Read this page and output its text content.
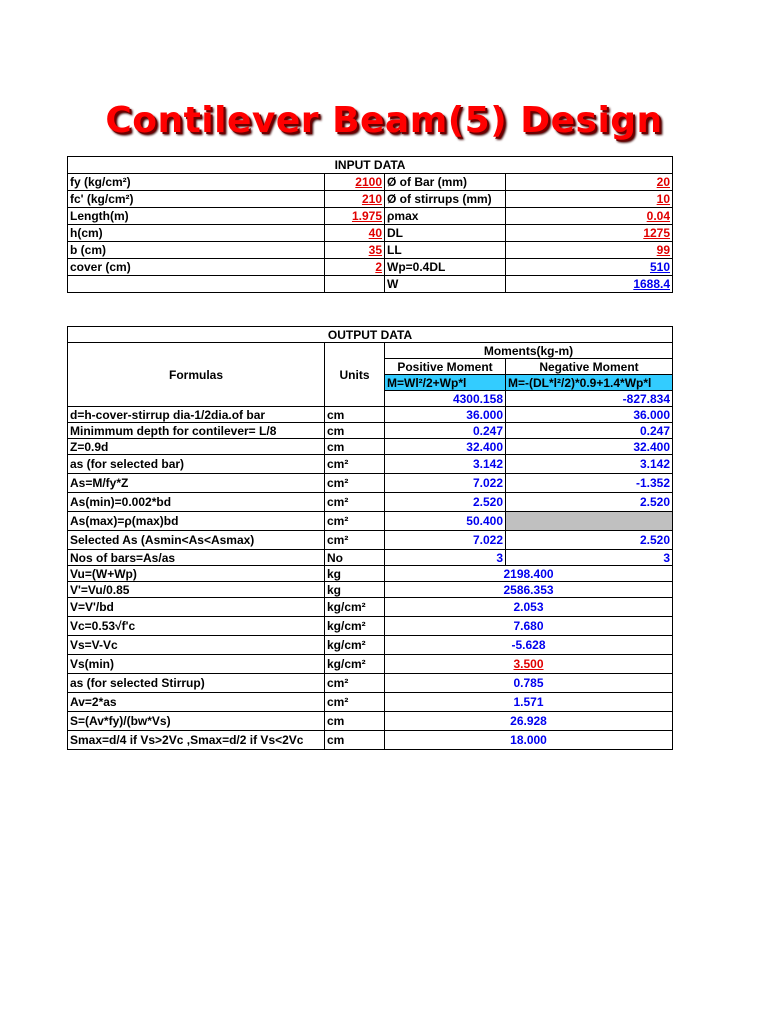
Contilever Beam(5) Design
INPUT DATA			
fy (kg/cm²)	2100	Ø of Bar (mm)	20
fc' (kg/cm²)	210	Ø of stirrups (mm)	10
Length(m)	1.975	ρmax	0.04
h(cm)	40	DL	1275
b (cm)	35	LL	99
cover (cm)	2	Wp=0.4DL	510
		W	1688.4
OUTPUT DATA			
Formulas	Units	Moments(kg-m)	
		Positive Moment	Negative Moment
		M=Wl²/2+Wp*l	M=-(DL*l²/2)*0.9+1.4*Wp*l
		4300.158	-827.834
d=h-cover-stirrup dia-1/2dia.of bar	cm	36.000	36.000
Minimmum depth for contilever= L/8	cm	0.247	0.247
Z=0.9d	cm	32.400	32.400
as (for selected bar)	cm²	3.142	3.142
As=M/fy*Z	cm²	7.022	-1.352
As(min)=0.002*bd	cm²	2.520	2.520
As(max)=ρ(max)bd	cm²	50.400	
Selected As (Asmin<As<Asmax)	cm²	7.022	2.520
Nos of bars=As/as	No	3	3
Vu=(W+Wp)	kg	2198.400	
V'=Vu/0.85	kg	2586.353	
V=V'/bd	kg/cm²	2.053	
Vc=0.53√f'c	kg/cm²	7.680	
Vs=V-Vc	kg/cm²	-5.628	
Vs(min)	kg/cm²	3.500	
as (for selected Stirrup)	cm²	0.785	
Av=2*as	cm²	1.571	
S=(Av*fy)/(bw*Vs)	cm	26.928	
Smax=d/4 if Vs>2Vc ,Smax=d/2 if Vs<2Vc	cm	18.000	
